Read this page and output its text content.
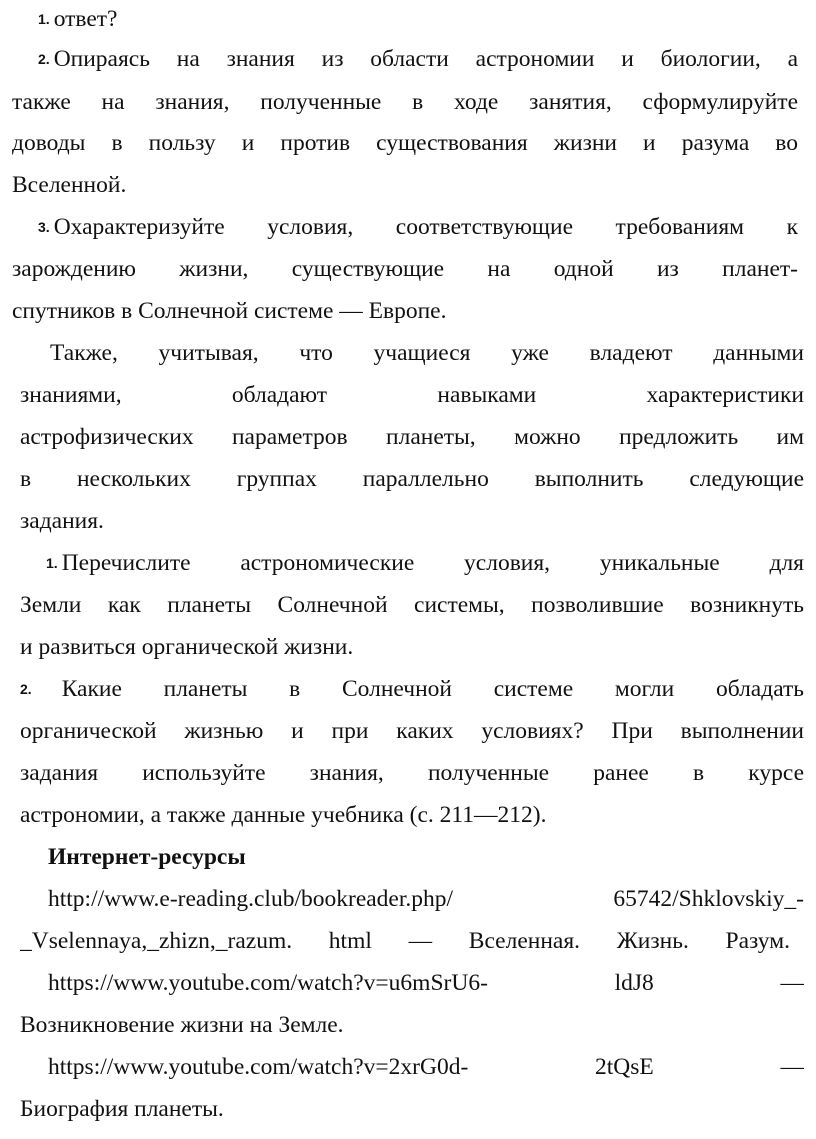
1. ответ?

2. Опираясь на знания из области астрономии и биологии, а

также на знания, полученные в ходе занятия, сформулируйте

доводы в пользу и против существования жизни и разума во

Вселенной.

3. Охарактеризуйте условия, соответствующие требованиям к

зарождению жизни, существующие на одной из планет-

спутников в Солнечной системе — Европе.

Также, учитывая, что учащиеся уже владеют данными

знаниями, обладают навыками характеристики

астрофизических параметров планеты, можно предложить им

в нескольких группах параллельно выполнить следующие

задания.

1. Перечислите астрономические условия, уникальные для

Земли как планеты Солнечной системы, позволившие возникнуть

и развиться органической жизни.

2. Какие планеты в Солнечной системе могли обладать

органической жизнью и при каких условиях? При выполнении

задания используйте знания, полученные ранее в курсе

астрономии, а также данные учебника (с. 211—212).

Интернет-ресурсы

http://www.e-reading.club/bookreader.php/ 65742/Shklovskiy_-

_Vselennaya,_zhizn,_razum. html — Вселенная. Жизнь. Разум.

https://www.youtube.com/watch?v=u6mSrU6- ldJ8 —

Возникновение жизни на Земле.

https://www.youtube.com/watch?v=2xrG0d- 2tQsE —

Биография планеты.
